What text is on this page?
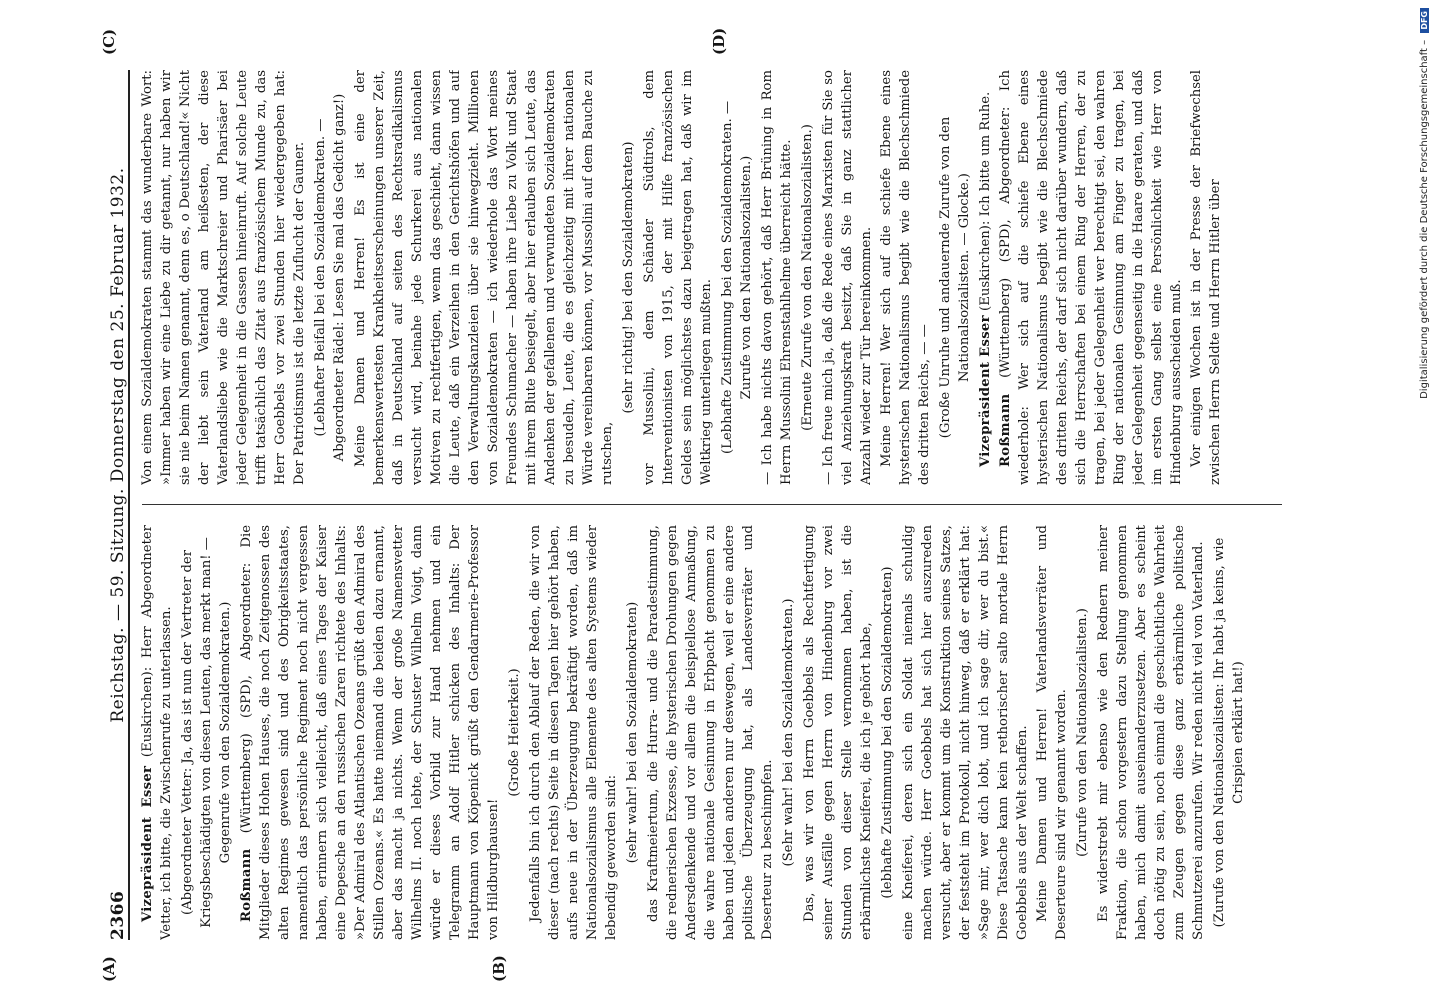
2366
Reichstag. — 59. Sitzung. Donnerstag den 25. Februar 1932.
(A)	(B)
(C)	(D)

Vizepräsident Esser (Euskirchen): Herr Abgeordneter Vetter, ich bitte, die Zwischenrufe zu unterlassen. (Abgeordneter Vetter: Ja, das ist nun der Vertreter der Kriegsbeschädigten von diesen Leuten, das merkt man! — Gegenrufe von den Sozialdemokraten.)

Roßmann (Württemberg) (SPD), Abgeordneter: Die Mitglieder dieses Hohen Hauses, die noch Zeitgenossen des alten Regimes gewesen sind und des Obrigkeitsstaates, namentlich das persönliche Regiment noch nicht vergessen haben, erinnern sich vielleicht, daß eines Tages der Kaiser eine Depesche an den russischen Zaren richtete des Inhalts: »Der Admiral des Atlantischen Ozeans grüßt den Admiral des Stillen Ozeans.« Es hatte niemand die beiden dazu ernannt, aber das macht ja nichts. Wenn der große Namensvetter Wilhelms II. noch lebte, der Schuster Wilhelm Voigt, dann würde er dieses Vorbild zur Hand nehmen und ein Telegramm an Adolf Hitler schicken des Inhalts: Der Hauptmann von Köpenick grüßt den Gendarmerie-Professor von Hildburghausen!

(Große Heiterkeit.) Jedenfalls bin ich durch den Ablauf der Reden, die wir von dieser (nach rechts) Seite in diesen Tagen hier gehört haben, aufs neue in der Überzeugung bekräftigt worden, daß im Nationalsozialismus alle Elemente des alten Systems wieder lebendig geworden sind: (sehr wahr! bei den Sozialdemokraten) das Kraftmeiertum, die Hurra- und die Paradestimmung, die rednerischen Exzesse, die hysterischen Drohungen gegen Andersdenkende und vor allem die beispiellose Anmaßung, die wahre nationale Gesinnung in Erbpacht genommen zu haben und jeden anderen nur deswegen, weil er eine andere politische Überzeugung hat, als Landesverräter und Deserteur zu beschimpfen. (Sehr wahr! bei den Sozialdemokraten.) Das, was wir von Herrn Goebbels als Rechtfertigung seiner Ausfälle gegen Herrn von Hindenburg vor zwei Stunden von dieser Stelle vernommen haben, ist die erbärmlichste Kneiferei, die ich je gehört habe, (lebhafte Zustimmung bei den Sozialdemokraten) eine Kneiferei, deren sich ein Soldat niemals schuldig machen würde. Herr Goebbels hat sich hier auszureden versucht, aber er kommt um die Konstruktion seines Satzes, der feststeht im Protokoll, nicht hinweg, daß er erklärt hat: »Sage mir, wer dich lobt, und ich sage dir, wer du bist.« Diese Tatsache kann kein rethorischer salto mortale Herrn Goebbels aus der Welt schaffen. Meine Damen und Herren! Vaterlandsverräter und Deserteure sind wir genannt worden. (Zurufe von den Nationalsozialisten.) Es widerstrebt mir ebenso wie den Rednern meiner Fraktion, die schon vorgestern dazu Stellung genommen haben, mich damit auseinanderzusetzen. Aber es scheint doch nötig zu sein, noch einmal die geschichtliche Wahrheit zum Zeugen gegen diese ganz erbärmliche politische Schmutzerei anzurufen. Wir reden nicht viel von Vaterland. (Zurufe von den Nationalsozialisten: Ihr habt ja keins, wie Crispien erklärt hat!)

Von einem Sozialdemokraten stammt das wunderbare Wort: »Immer haben wir eine Liebe zu dir getannt, nur haben wir sie nie beim Namen genannt, denn es, o Deutschland!« Nicht der liebt sein Vaterland am heißesten, der diese Vaterlandsliebe wie die Marktschreier und Pharisäer bei jeder Gelegenheit in die Gassen hineinruft. Auf solche Leute trifft tatsächlich das Zitat aus französischem Munde zu, das Herr Goebbels vor zwei Stunden hier wiedergegeben hat: Der Patriotismus ist die letzte Zuflucht der Gauner. (Lebhafter Beifall bei den Sozialdemokraten. — Abgeordneter Rädel: Lesen Sie mal das Gedicht ganz!) Meine Damen und Herren! Es ist eine der bemerkenswertesten Krankheitserscheinungen unserer Zeit, daß in Deutschland auf seiten des Rechtsradikalismus versucht wird, beinahe jede Schurkerei aus nationalen Motiven zu rechtfertigen, wenn das geschieht, dann wissen die Leute, daß ein Verzeihen in den Gerichtshöfen und auf den Verwaltungskanzleien über sie hinwegzieht. Millionen von Sozialdemokraten — ich wiederhole das Wort meines Freundes Schumacher — haben ihre Liebe zu Volk und Staat mit ihrem Blute besiegelt, aber hier erlauben sich Leute, das Andenken der gefallenen und verwundeten Sozialdemokraten zu besudeln, Leute, die es gleichzeitig mit ihrer nationalen Würde vereinbaren können, vor Mussolini auf dem Bauche zu rutschen,

(sehr richtig! bei den Sozialdemokraten) vor Mussolini, dem Schänder Südtirols, dem Interventionisten von 1915, der mit Hilfe französischen Geldes sein möglichstes dazu beigetragen hat, daß wir im Weltkrieg unterliegen mußten. (Lebhafte Zustimmung bei den Sozialdemokraten. — Zurufe von den Nationalsozialisten.) — Ich habe nichts davon gehört, daß Herr Brüning in Rom Herrn Mussolini Ehrenstahlhelme überreicht hätte. (Erneute Zurufe von den Nationalsozialisten.) — Ich freue mich ja, daß die Rede eines Marxisten für Sie so viel Anziehungskraft besitzt, daß Sie in ganz stattlicher Anzahl wieder zur Tür hereinkommen. Meine Herren! Wer sich auf die schiefe Ebene eines hysterischen Nationalismus begibt wie die Blechschmiede des dritten Reichs, — — (Große Unruhe und andauernde Zurufe von den Nationalsozialisten. — Glocke.)

Vizepräsident Esser (Euskirchen): Ich bitte um Ruhe.

Roßmann (Württemberg) (SPD), Abgeordneter: Ich wiederhole: Wer sich auf die schiefe Ebene eines hysterischen Nationalismus begibt wie die Blechschmiede des dritten Reichs, der darf sich nicht darüber wundern, daß sich die Herrschaften bei einem Ring der Herren, der zu tragen, bei jeder Gelegenheit wer berechtigt sei, den wahren Ring der nationalen Gesinnung am Finger zu tragen, bei jeder Gelegenheit gegenseitig in die Haare geraten, und daß im ersten Gang selbst eine Persönlichkeit wie Herr von Hindenburg ausscheiden muß. Vor einigen Wochen ist in der Presse der Briefwechsel zwischen Herrn Seldte und Herrn Hitler über	Digitalisierung gefördert durch die Deutsche Forschungsgemeinschaft – DFG
